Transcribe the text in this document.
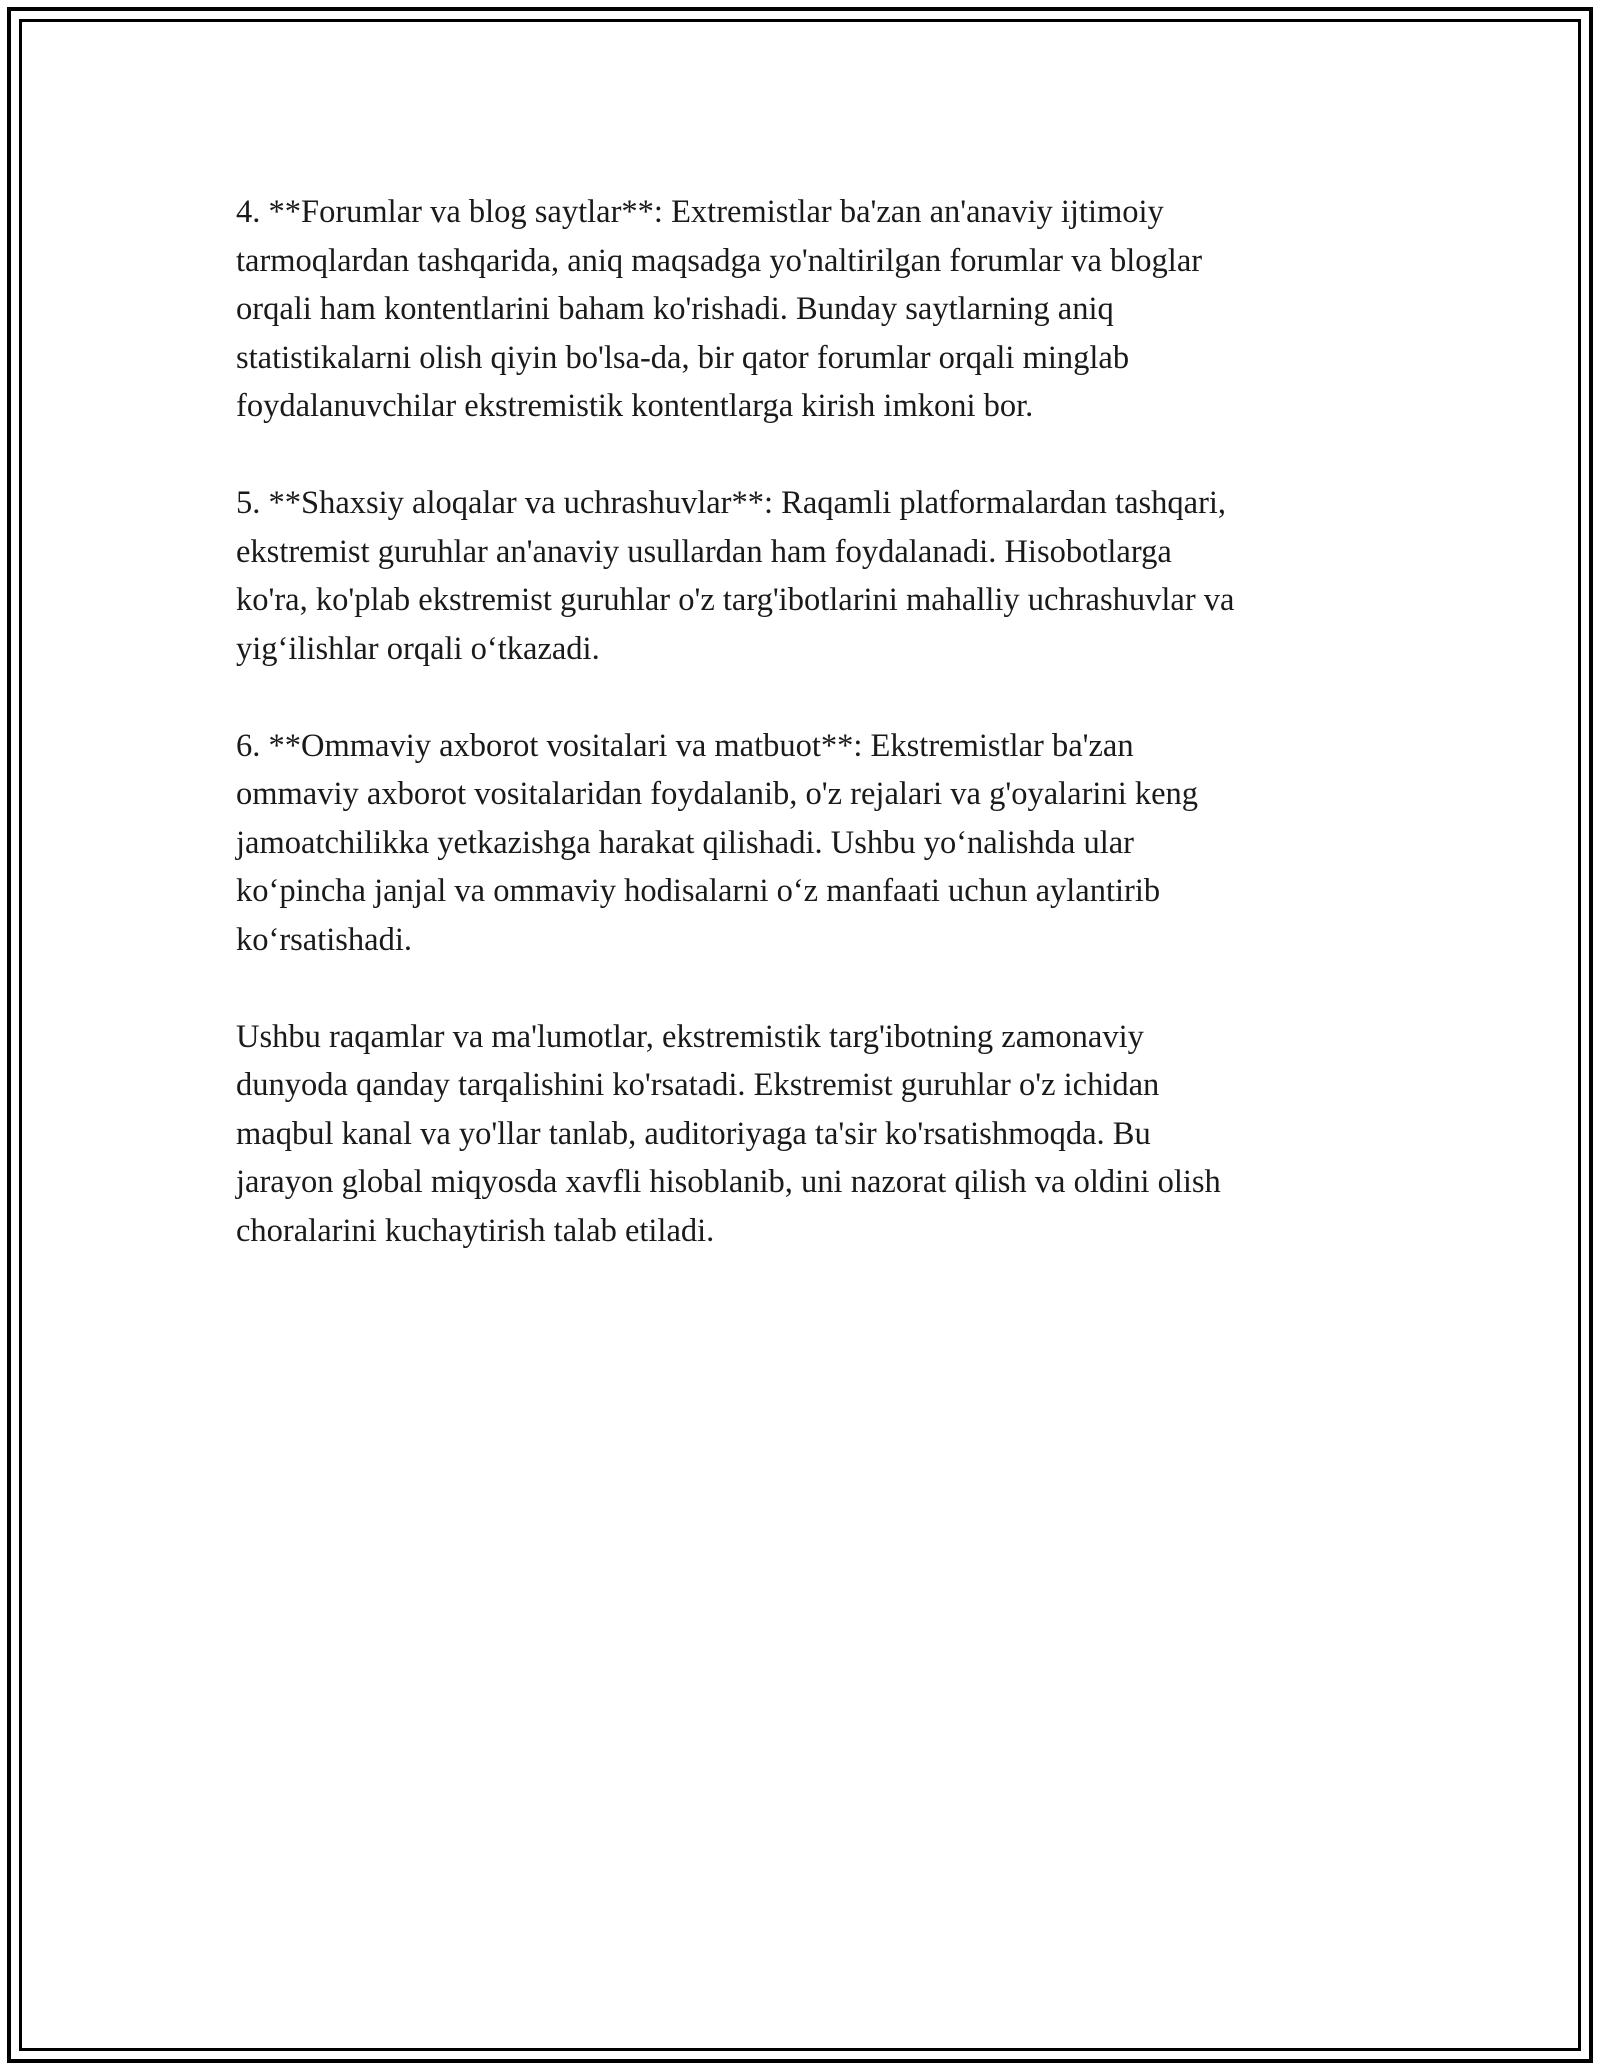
4. **Forumlar va blog saytlar**: Extremistlar ba'zan an'anaviy ijtimoiy
tarmoqlardan tashqarida, aniq maqsadga yo'naltirilgan forumlar va bloglar
orqali ham kontentlarini baham ko'rishadi. Bunday saytlarning aniq
statistikalarni olish qiyin bo'lsa-da, bir qator forumlar orqali minglab
foydalanuvchilar ekstremistik kontentlarga kirish imkoni bor.

5. **Shaxsiy aloqalar va uchrashuvlar**: Raqamli platformalardan tashqari,
ekstremist guruhlar an'anaviy usullardan ham foydalanadi. Hisobotlarga
ko'ra, ko'plab ekstremist guruhlar o'z targ'ibotlarini mahalliy uchrashuvlar va
yig‘ilishlar orqali o‘tkazadi.

6. **Ommaviy axborot vositalari va matbuot**: Ekstremistlar ba'zan
ommaviy axborot vositalaridan foydalanib, o'z rejalari va g'oyalarini keng
jamoatchilikka yetkazishga harakat qilishadi. Ushbu yo‘nalishda ular
ko‘pincha janjal va ommaviy hodisalarni o‘z manfaati uchun aylantirib
ko‘rsatishadi.

Ushbu raqamlar va ma'lumotlar, ekstremistik targ'ibotning zamonaviy
dunyoda qanday tarqalishini ko'rsatadi. Ekstremist guruhlar o'z ichidan
maqbul kanal va yo'llar tanlab, auditoriyaga ta'sir ko'rsatishmoqda. Bu
jarayon global miqyosda xavfli hisoblanib, uni nazorat qilish va oldini olish
choralarini kuchaytirish talab etiladi.
